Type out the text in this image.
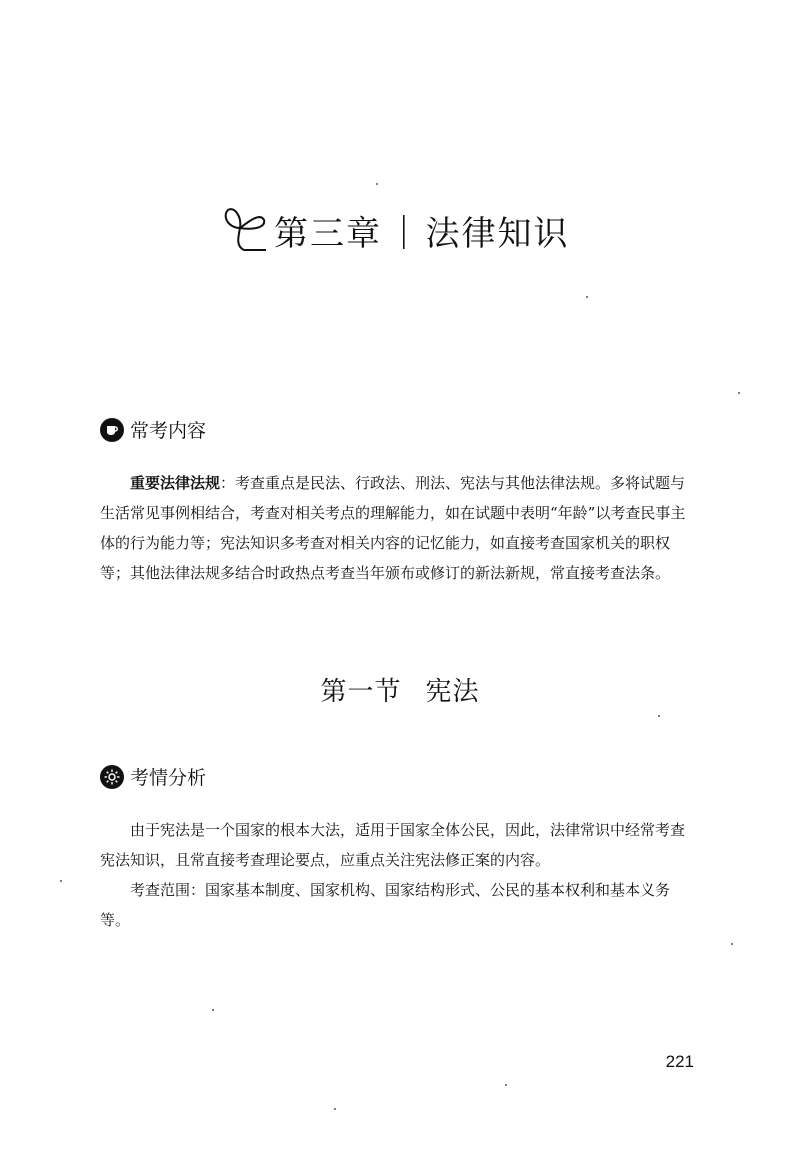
第三章 | 法律知识
常考内容

重要法律法规：考查重点是民法、行政法、刑法、宪法与其他法律法规。多将试题与生活常见事例相结合，考查对相关考点的理解能力，如在试题中表明“年龄”以考查民事主体的行为能力等；宪法知识多考查对相关内容的记忆能力，如直接考查国家机关的职权等；其他法律法规多结合时政热点考查当年颁布或修订的新法新规，常直接考查法条。

第一节 宪法
考情分析

由于宪法是一个国家的根本大法，适用于国家全体公民，因此，法律常识中经常考查宪法知识，且常直接考查理论要点，应重点关注宪法修正案的内容。

考查范围：国家基本制度、国家机构、国家结构形式、公民的基本权利和基本义务等。

221
